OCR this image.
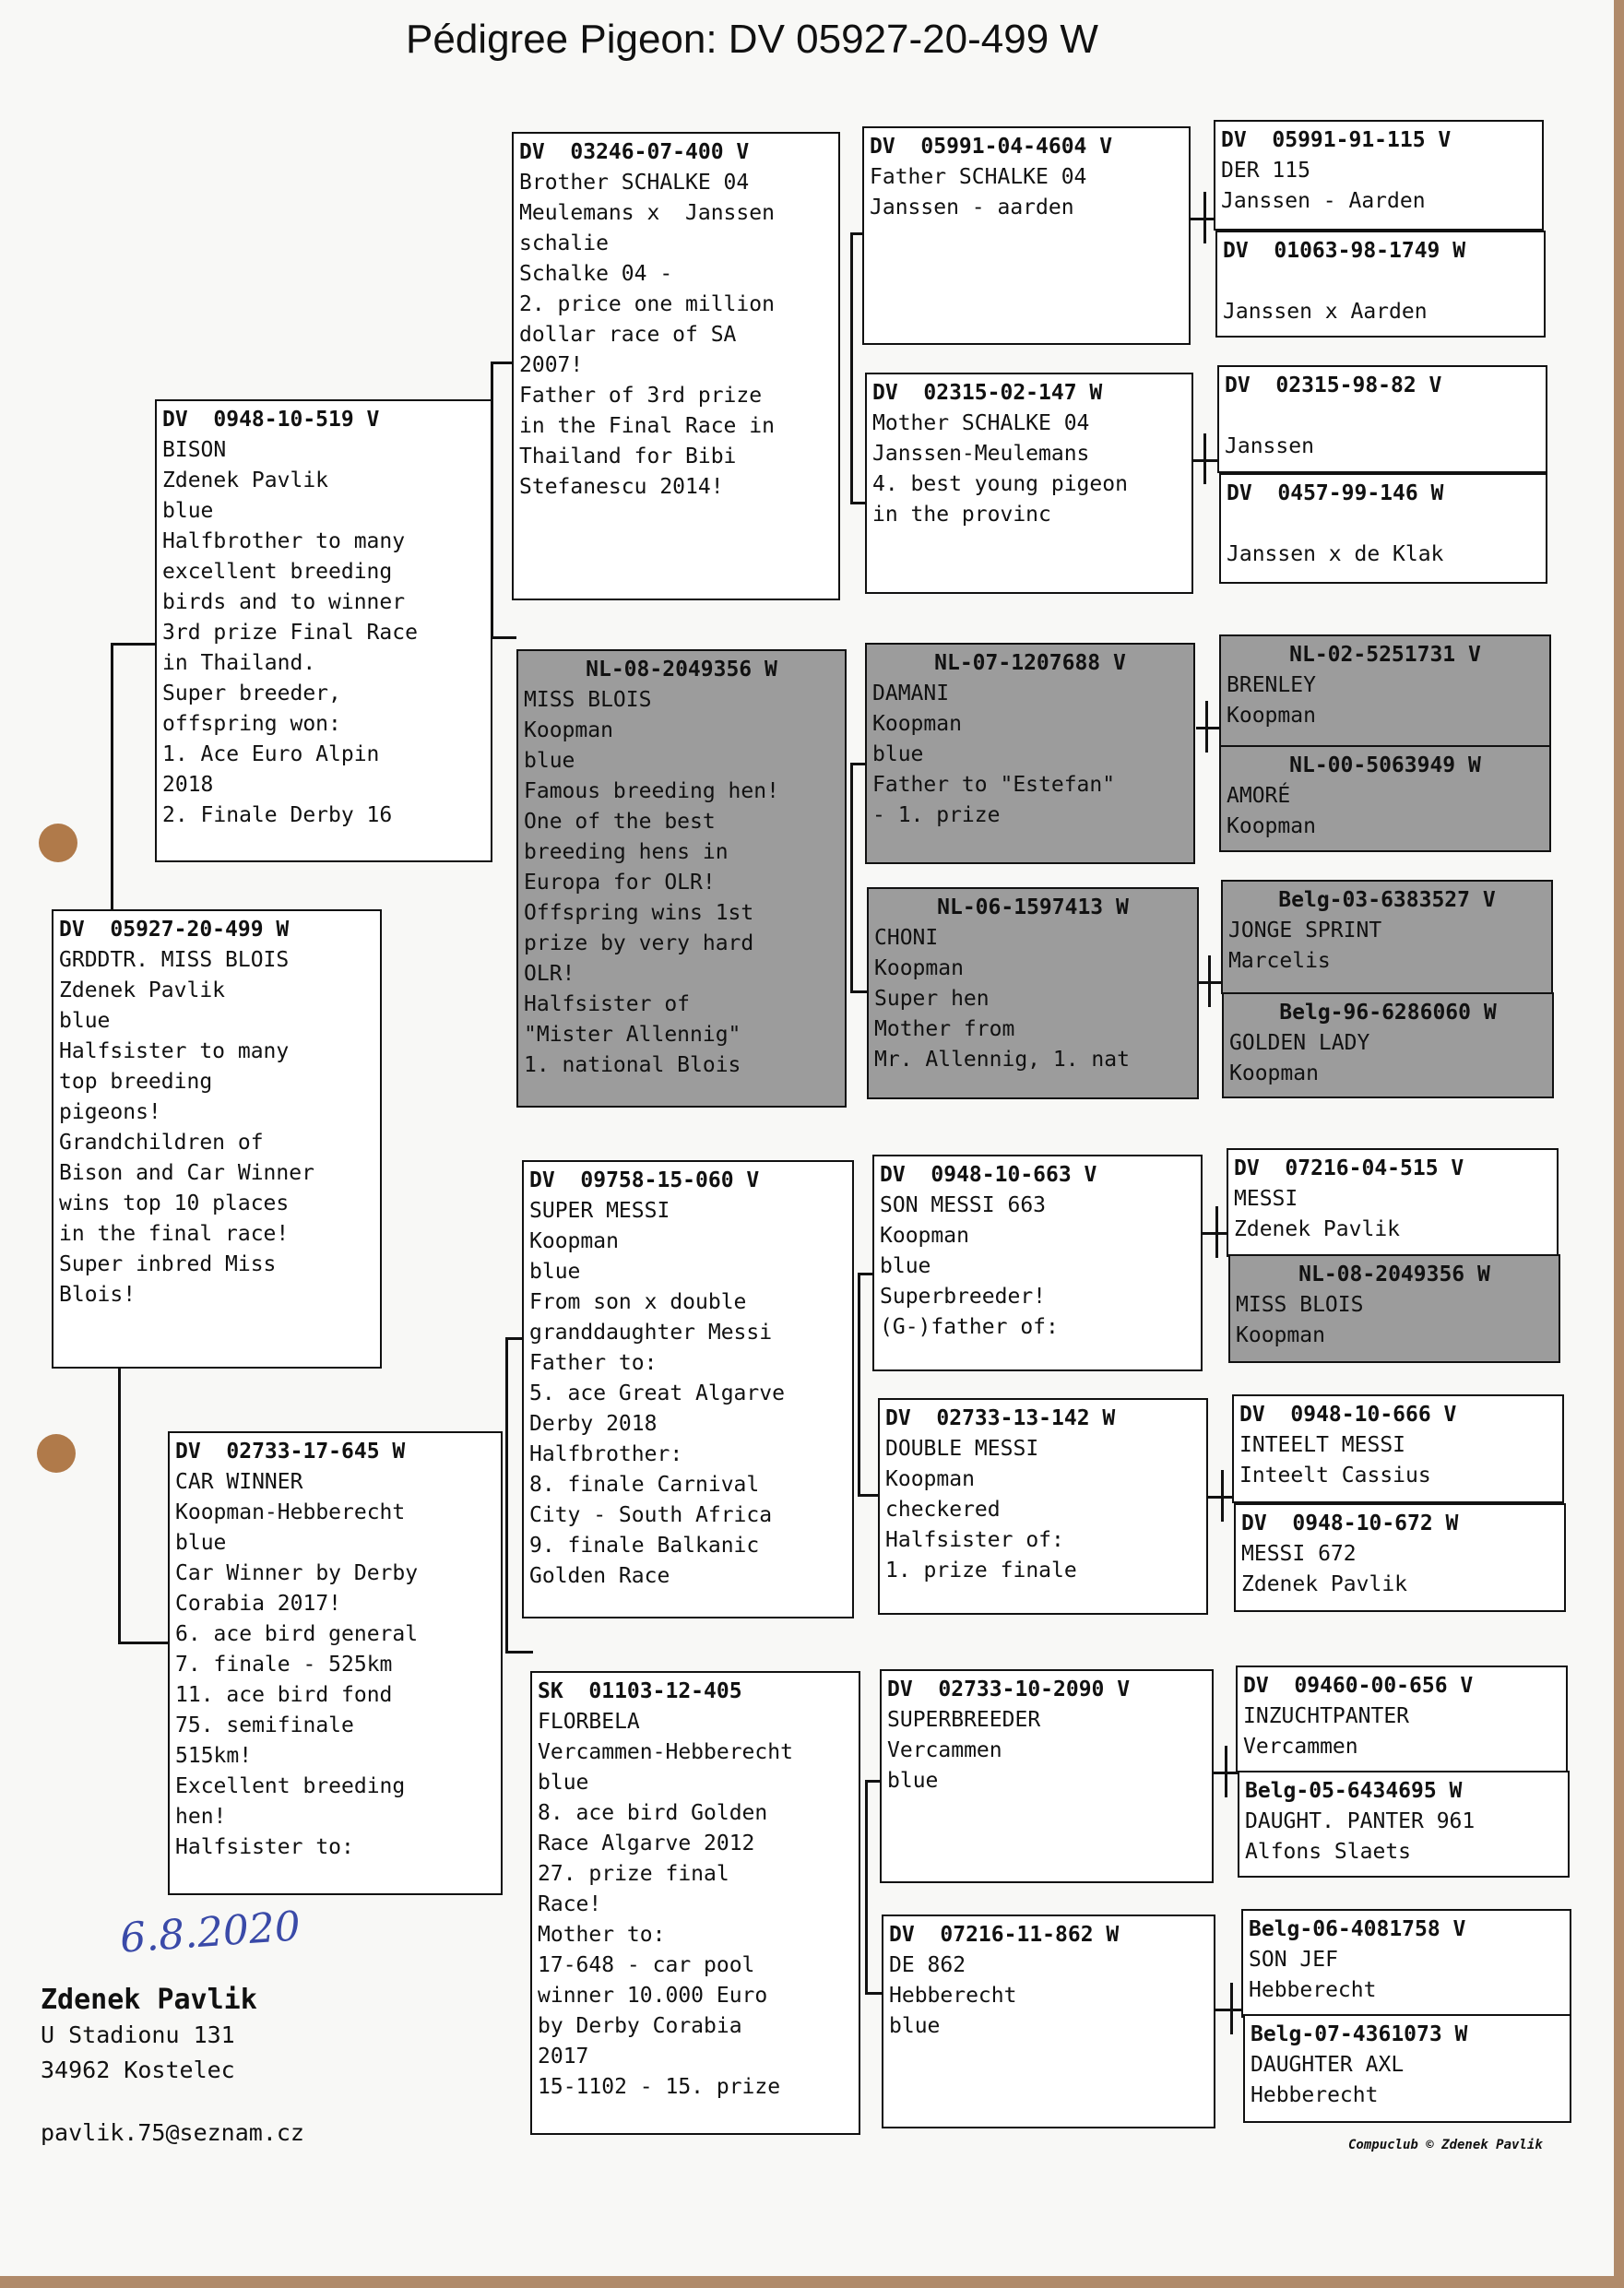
Pédigree Pigeon: DV 05927-20-499 W
DV  05927-20-499 W
GRDDTR. MISS BLOIS
Zdenek Pavlik
blue
Halfsister to many
top breeding
pigeons!
Grandchildren of
Bison and Car Winner
wins top 10 places
in the final race!
Super inbred Miss
Blois!
DV  0948-10-519 V
BISON
Zdenek Pavlik
blue
Halfbrother to many
excellent breeding
birds and to winner
3rd prize Final Race
in Thailand.
Super breeder,
offspring won:
1. Ace Euro Alpin
2018
2. Finale Derby 16
DV  02733-17-645 W
CAR WINNER
Koopman-Hebberecht
blue
Car Winner by Derby
Corabia 2017!
6. ace bird general
7. finale - 525km
11. ace bird fond
75. semifinale
515km!
Excellent breeding
hen!
Halfsister to:
DV  03246-07-400 V
Brother SCHALKE 04
Meulemans x  Janssen
schalie
Schalke 04 -
2. price one million
dollar race of SA
2007!
Father of 3rd prize
in the Final Race in
Thailand for Bibi
Stefanescu 2014!
NL-08-2049356 W
MISS BLOIS
Koopman
blue
Famous breeding hen!
One of the best
breeding hens in
Europa for OLR!
Offspring wins 1st
prize by very hard
OLR!
Halfsister of
"Mister Allennig"
1. national Blois
DV  09758-15-060 V
SUPER MESSI
Koopman
blue
From son x double
granddaughter Messi
Father to:
5. ace Great Algarve
Derby 2018
Halfbrother:
8. finale Carnival
City - South Africa
9. finale Balkanic
Golden Race
SK  01103-12-405
FLORBELA
Vercammen-Hebberecht
blue
8. ace bird Golden
Race Algarve 2012
27. prize final
Race!
Mother to:
17-648 - car pool
winner 10.000 Euro
by Derby Corabia
2017
15-1102 - 15. prize
DV  05991-04-4604 V
Father SCHALKE 04
Janssen - aarden
DV  02315-02-147 W
Mother SCHALKE 04
Janssen-Meulemans
4. best young pigeon
in the provinc
NL-07-1207688 V
DAMANI
Koopman
blue
Father to "Estefan"
- 1. prize
NL-06-1597413 W
CHONI
Koopman
Super hen
Mother from
Mr. Allennig, 1. nat
DV  0948-10-663 V
SON MESSI 663
Koopman
blue
Superbreeder!
(G-)father of:
DV  02733-13-142 W
DOUBLE MESSI
Koopman
checkered
Halfsister of:
1. prize finale
DV  02733-10-2090 V
SUPERBREEDER
Vercammen
blue
DV  07216-11-862 W
DE 862
Hebberecht
blue
DV  05991-91-115 V
DER 115
Janssen - Aarden
DV  01063-98-1749 W

Janssen x Aarden
DV  02315-98-82 V

Janssen
DV  0457-99-146 W

Janssen x de Klak
NL-02-5251731 V
BRENLEY
Koopman
NL-00-5063949 W
AMORÉ
Koopman
Belg-03-6383527 V
JONGE SPRINT
Marcelis
Belg-96-6286060 W
GOLDEN LADY
Koopman
DV  07216-04-515 V
MESSI
Zdenek Pavlik
NL-08-2049356 W
MISS BLOIS
Koopman
DV  0948-10-666 V
INTEELT MESSI
Inteelt Cassius
DV  0948-10-672 W
MESSI 672
Zdenek Pavlik
DV  09460-00-656 V
INZUCHTPANTER
Vercammen
Belg-05-6434695 W
DAUGHT. PANTER 961
Alfons Slaets
Belg-06-4081758 V
SON JEF
Hebberecht
Belg-07-4361073 W
DAUGHTER AXL
Hebberecht
6.8.2020
Zdenek Pavlik
U Stadionu 131
34962 Kostelec
pavlik.75@seznam.cz	Compuclub © Zdenek Pavlik
